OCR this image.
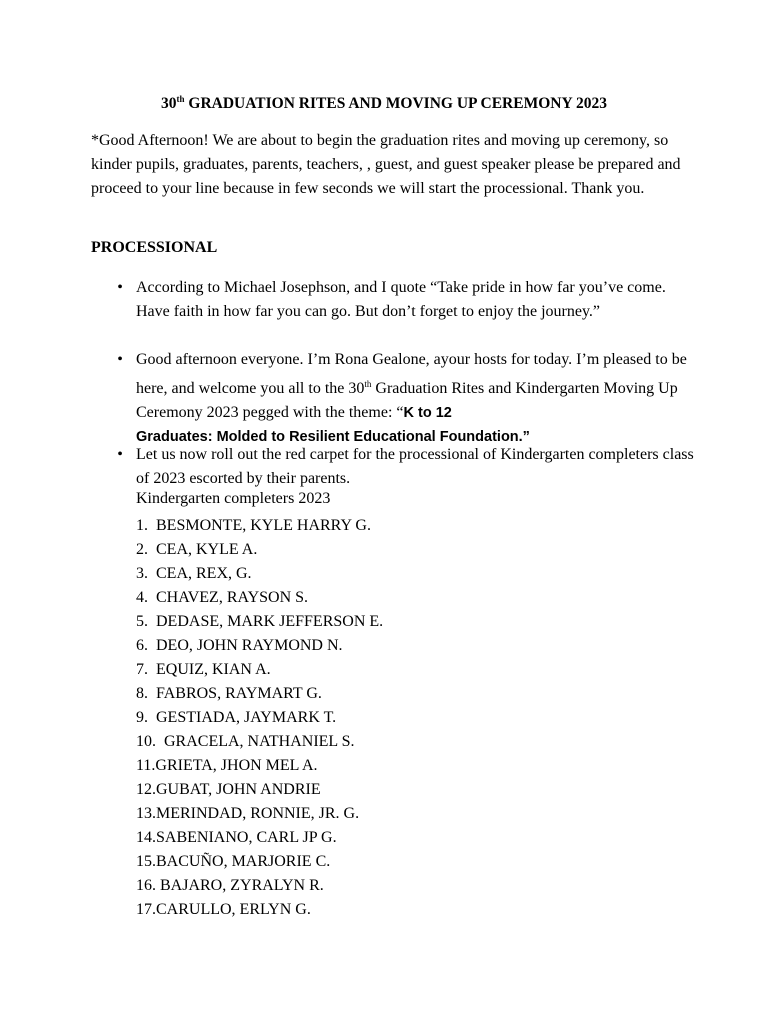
30th GRADUATION RITES AND MOVING UP CEREMONY 2023

*Good Afternoon! We are about to begin the graduation rites and moving up ceremony, so kinder pupils, graduates, parents, teachers, , guest, and guest speaker please be prepared and proceed to your line because in few seconds we will start the processional. Thank you.

PROCESSIONAL

• According to Michael Josephson, and I quote “Take pride in how far you’ve come. Have faith in how far you can go. But don’t forget to enjoy the journey.”
• Good afternoon everyone. I’m Rona Gealone, ayour hosts for today. I’m pleased to be here, and welcome you all to the 30th Graduation Rites and Kindergarten Moving Up Ceremony 2023 pegged with the theme: “K to 12
Graduates: Molded to Resilient Educational Foundation.”
• Let us now roll out the red carpet for the processional of Kindergarten completers class of 2023 escorted by their parents.
Kindergarten completers 2023
1.  BESMONTE, KYLE HARRY G.
2.  CEA, KYLE A.
3.  CEA, REX, G.
4.  CHAVEZ, RAYSON S.
5.  DEDASE, MARK JEFFERSON E.
6.  DEO, JOHN RAYMOND N.
7.  EQUIZ, KIAN A.
8.  FABROS, RAYMART G.
9.  GESTIADA, JAYMARK T.
10.  GRACELA, NATHANIEL S.
11.GRIETA, JHON MEL A.
12.GUBAT, JOHN ANDRIE
13.MERINDAD, RONNIE, JR. G.
14.SABENIANO, CARL JP G.
15.BACUÑO, MARJORIE C.
16. BAJARO, ZYRALYN R.
17.CARULLO, ERLYN G.
